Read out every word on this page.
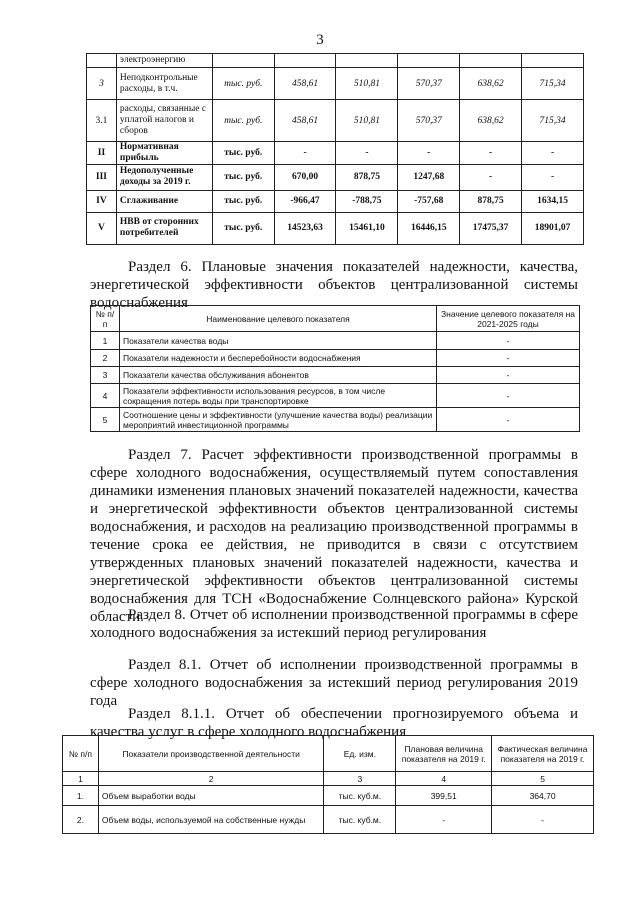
3
	электроэнергию						
3	Неподконтрольные расходы, в т.ч.	тыс. руб.	458,61	510,81	570,37	638,62	715,34
3.1	расходы, связанные с уплатой налогов и сборов	тыс. руб.	458,61	510,81	570,37	638,62	715,34
II	Нормативная прибыль	тыс. руб.	-	-	-	-	-
III	Недополученные доходы за 2019 г.	тыс. руб.	670,00	878,75	1247,68	-	-
IV	Сглаживание	тыс. руб.	-966,47	-788,75	-757,68	878,75	1634,15
V	НВВ от сторонних потребителей	тыс. руб.	14523,63	15461,10	16446,15	17475,37	18901,07
Раздел 6. Плановые значения показателей надежности, качества, энергетической эффективности объектов централизованной системы водоснабжения
№ п/п	Наименование целевого показателя	Значение целевого показателя на 2021-2025 годы
1	Показатели качества воды	-
2	Показатели надежности и бесперебойности водоснабжения	-
3	Показатели качества обслуживания абонентов	-
4	Показатели эффективности использования ресурсов, в том числе сокращения потерь воды при транспортировке	-
5	Соотношение цены и эффективности (улучшение качества воды) реализации мероприятий инвестиционной программы	-
Раздел 7. Расчет эффективности производственной программы в сфере холодного водоснабжения, осуществляемый путем сопоставления динамики изменения плановых значений показателей надежности, качества и энергетической эффективности объектов централизованной системы водоснабжения, и расходов на реализацию производственной программы в течение срока ее действия, не приводится в связи с отсутствием утвержденных плановых значений показателей надежности, качества и энергетической эффективности объектов централизованной системы водоснабжения для ТСН «Водоснабжение Солнцевского района» Курской области.
Раздел 8. Отчет об исполнении производственной программы в сфере холодного водоснабжения за истекший период регулирования
Раздел 8.1. Отчет об исполнении производственной программы в сфере холодного водоснабжения за истекший период регулирования 2019 года
Раздел 8.1.1. Отчет об обеспечении прогнозируемого объема и качества услуг в сфере холодного водоснабжения
№ п/п	Показатели производственной деятельности	Ед. изм.	Плановая величина показателя на 2019 г.	Фактическая величина показателя на 2019 г.
1	2	3	4	5
1.	Объем выработки воды	тыс. куб.м.	399,51	364,70
2.	Объем воды, используемой на собственные нужды	тыс. куб.м.	-	-
